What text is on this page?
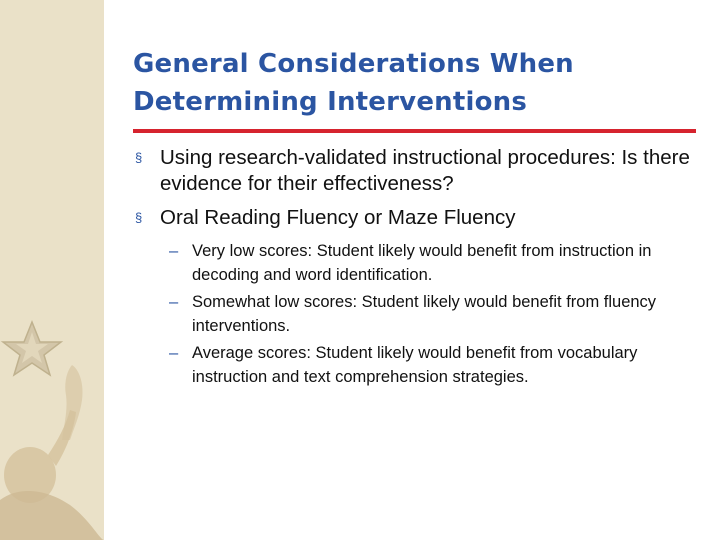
General Considerations When Determining Interventions
§ Using research-validated instructional procedures: Is there evidence for their effectiveness?
§ Oral Reading Fluency or Maze Fluency
– Very low scores: Student likely would benefit from instruction in decoding and word identification.
– Somewhat low scores: Student likely would benefit from fluency interventions.
– Average scores: Student likely would benefit from vocabulary instruction and text comprehension strategies.
